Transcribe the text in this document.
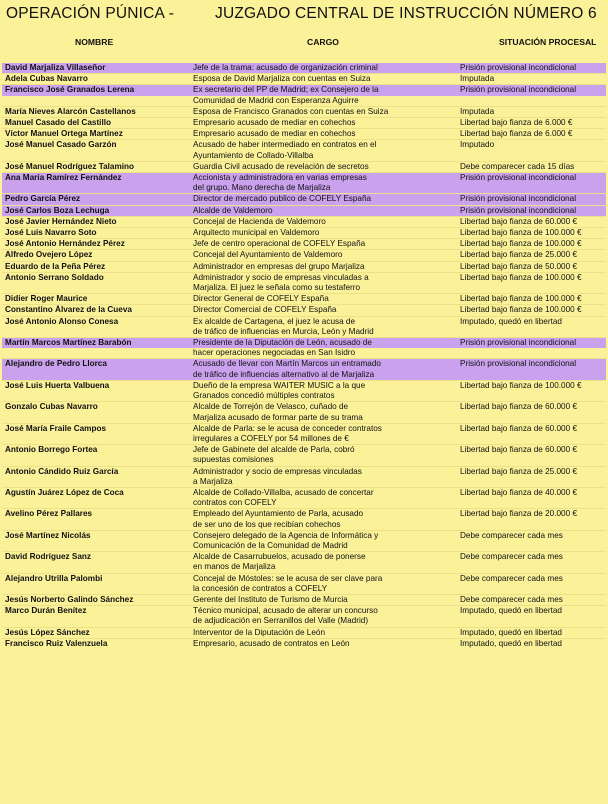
OPERACIÓN PÚNICA -	JUZGADO CENTRAL DE INSTRUCCIÓN NÚMERO 6
NOMBRE	CARGO	SITUACIÓN PROCESAL
David Marjaliza Villaseñor	Jefe de la trama: acusado de organización criminal	Prisión provisional incondicional
Adela Cubas Navarro	Esposa de David Marjaliza con cuentas en Suiza	Imputada
Francisco José Granados Lerena	Ex secretario del PP de Madrid; ex Consejero de la	Prisión provisional incondicional
	Comunidad de Madrid con Esperanza Aguirre	
María Nieves Alarcón Castellanos	Esposa de Francisco Granados con cuentas en Suiza	Imputada
Manuel Casado del Castillo	Empresario acusado de mediar en cohechos	Libertad bajo fianza de 6.000 €
Víctor Manuel Ortega Martínez	Empresario acusado de mediar en cohechos	Libertad bajo fianza de 6.000 €
José Manuel Casado Garzón	Acusado de haber intermediado en contratos en el	Imputado
	Ayuntamiento de Collado-Villalba	
José Manuel Rodríguez Talamino	Guardia Civil acusado de revelación de secretos	Debe comparecer cada 15 días
Ana María Ramírez Fernández	Accionista y administradora en varias empresas	Prisión provisional incondicional
	del grupo. Mano derecha de Marjaliza	
Pedro García Pérez	Director de mercado publico de COFELY España	Prisión provisional incondicional
José Carlos Boza Lechuga	Alcalde de Valdemoro	Prisión provisional incondicional
José Javier Hernández Nieto	Concejal de Hacienda de Valdemoro	Libertad bajo fianza de 60.000 €
José Luis Navarro Soto	Arquitecto municipal en Valdemoro	Libertad bajo fianza de 100.000 €
José Antonio Hernández Pérez	Jefe de centro operacional de COFELY España	Libertad bajo fianza de 100.000 €
Alfredo Ovejero López	Concejal del Ayuntamiento de Valdemoro	Libertad bajo fianza de 25.000 €
Eduardo de la Peña Pérez	Administrador en empresas del grupo Marjaliza	Libertad bajo fianza de 50.000 €
Antonio Serrano Soldado	Administrador y socio de empresas vinculadas a	Libertad bajo fianza de 100.000 €
	Marjaliza. El juez le señala como su testaferro	
Didier Roger Maurice	Director General de COFELY España	Libertad bajo fianza de 100.000 €
Constantino Álvarez de la Cueva	Director Comercial de COFELY España	Libertad bajo fianza de 100.000 €
José Antonio Alonso Conesa	Ex alcalde de Cartagena, el juez le acusa de	Imputado, quedó en libertad
	de tráfico de influencias en Murcia, León y Madrid	
Martín Marcos Martínez Barabón	Presidente de la Diputación de León, acusado de	Prisión provisional incondicional
	hacer operaciones negociadas en San Isidro	
Alejandro de Pedro Llorca	Acusado de llevar con Martín Marcos un entramado	Prisión provisional incondicional
	de tráfico de influencias alternativo al de Marjaliza	
José Luis Huerta Valbuena	Dueño de la empresa WAITER MUSIC a la que	Libertad bajo fianza de 100.000 €
	Granados concedió múltiples contratos	
Gonzalo Cubas Navarro	Alcalde de Torrejón de Velasco, cuñado de	Libertad bajo fianza de 60.000 €
	Marjaliza acusado de formar parte de su trama	
José María Fraile Campos	Alcalde de Parla: se le acusa de conceder contratos	Libertad bajo fianza de 60.000 €
	irregulares a COFELY por 54 millones de €	
Antonio Borrego Fortea	Jefe de Gabinete del alcalde de Parla, cobró	Libertad bajo fianza de 60.000 €
	supuestas comisiones	
Antonio Cándido Ruiz García	Administrador y socio de empresas vinculadas	Libertad bajo fianza de 25.000 €
	a Marjaliza	
Agustín Juárez López de Coca	Alcalde de Collado-Villalba, acusado de concertar	Libertad bajo fianza de 40.000 €
	contratos con COFELY	
Avelino Pérez Pallares	Empleado del Ayuntamiento de Parla, acusado	Libertad bajo fianza de 20.000 €
	de ser uno de los que recibían cohechos	
José Martínez Nicolás	Consejero delegado de la Agencia de Informática y	Debe comparecer cada mes
	Comunicación de la Comunidad de Madrid	
David Rodríguez Sanz	Alcalde de Casarrubuelos, acusado de ponerse	Debe comparecer cada mes
	en manos de Marjaliza	
Alejandro Utrilla Palombi	Concejal de Móstoles: se le acusa de ser clave para	Debe comparecer cada mes
	la concesión de contratos a COFELY	
Jesús Norberto Galindo Sánchez	Gerente del Instituto de Turismo de Murcia	Debe comparecer cada mes
Marco Durán Benítez	Técnico municipal, acusado de alterar un concurso	Imputado, quedó en libertad
	de adjudicación en Serranillos del Valle (Madrid)	
Jesús López Sánchez	Interventor de la Diputación de León	Imputado, quedó en libertad
Francisco Ruiz Valenzuela	Empresario, acusado de contratos en León	Imputado, quedó en libertad
